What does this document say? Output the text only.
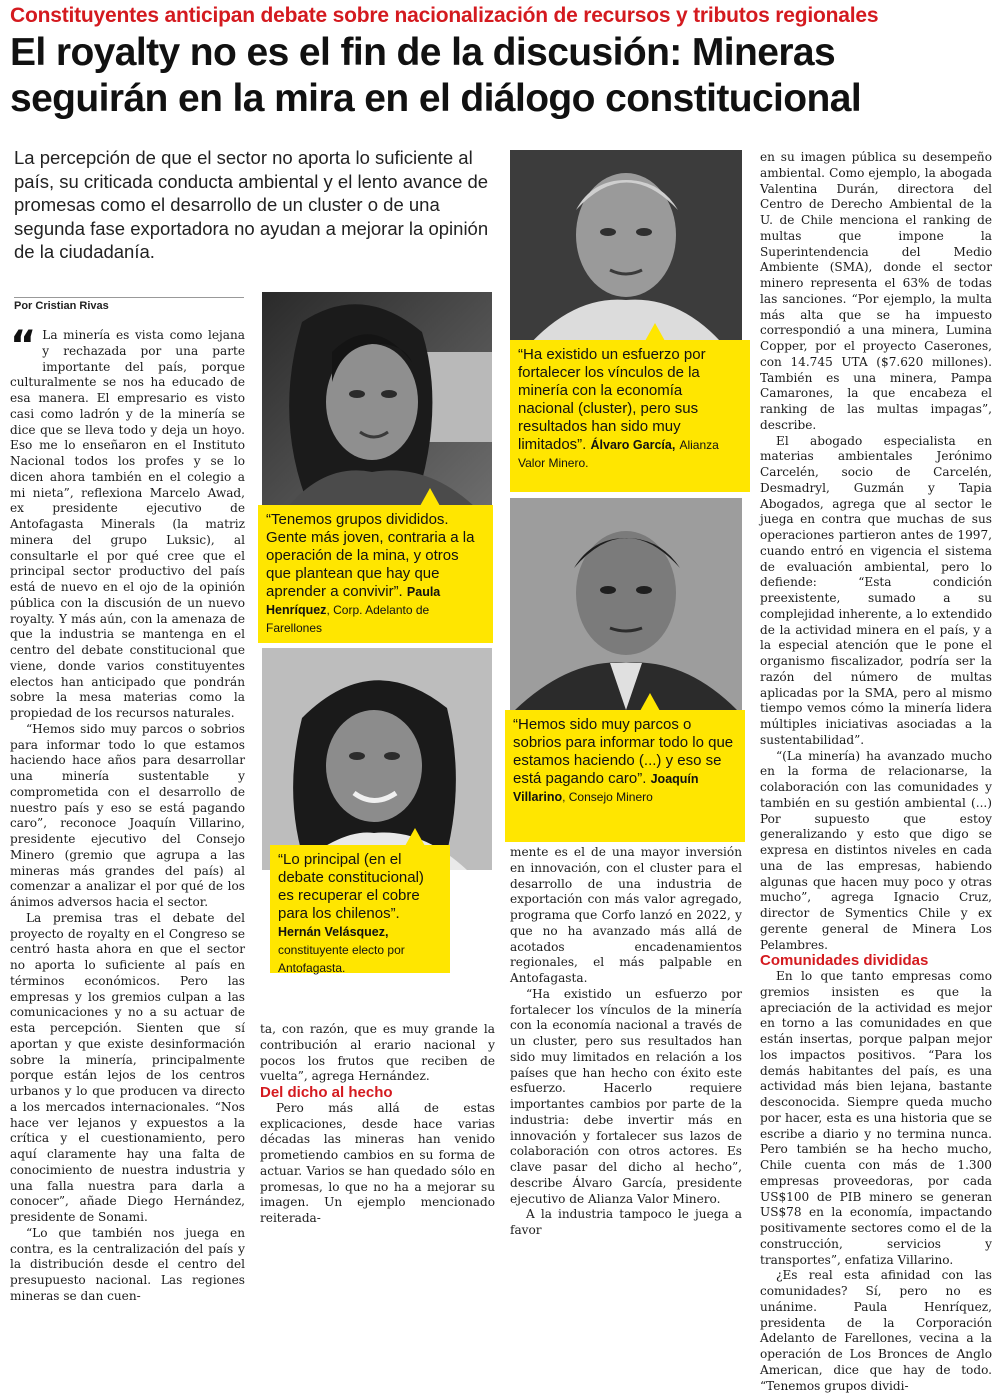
Constituyentes anticipan debate sobre nacionalización de recursos y tributos regionales
El royalty no es el fin de la discusión: Mineras seguirán en la mira en el diálogo constitucional
La percepción de que el sector no aporta lo suficiente al país, su criticada conducta ambiental y el lento avance de promesas como el desarrollo de un cluster o de una segunda fase exportadora no ayudan a mejorar la opinión de la ciudadanía.
Por Cristian Rivas

“ La minería es vista como lejana y rechazada por una parte importante del país, porque culturalmente se nos ha educado de esa manera. El empresario es visto casi como ladrón y de la minería se dice que se lleva todo y deja un hoyo. Eso me lo enseñaron en el Instituto Nacional todos los profes y se lo dicen ahora también en el colegio a mi nieta”, reflexiona Marcelo Awad, ex presidente ejecutivo de Antofagasta Minerals (la matriz minera del grupo Luksic), al consultarle el por qué cree que el principal sector productivo del país está de nuevo en el ojo de la opinión pública con la discusión de un nuevo royalty. Y más aún, con la amenaza de que la industria se mantenga en el centro del debate constitucional que viene, donde varios constituyentes electos han anticipado que pondrán sobre la mesa materias como la propiedad de los recursos naturales.

“Hemos sido muy parcos o sobrios para informar todo lo que estamos haciendo hace años para desarrollar una minería sustentable y comprometida con el desarrollo de nuestro país y eso se está pagando caro”, reconoce Joaquín Villarino, presidente ejecutivo del Consejo Minero (gremio que agrupa a las mineras más grandes del país) al comenzar a analizar el por qué de los ánimos adversos hacia el sector.

La premisa tras el debate del proyecto de royalty en el Congreso se centró hasta ahora en que el sector no aporta lo suficiente al país en términos económicos. Pero las empresas y los gremios culpan a las comunicaciones y no a su actuar de esta percepción. Sienten que sí aportan y que existe desinformación sobre la minería, principalmente porque están lejos de los centros urbanos y lo que producen va directo a los mercados internacionales. “Nos hace ver lejanos y expuestos a la crítica y el cuestionamiento, pero aquí claramente hay una falta de conocimiento de nuestra industria y una falla nuestra para darla a conocer”, añade Diego Hernández, presidente de Sonami.

“Lo que también nos juega en contra, es la centralización del país y la distribución desde el centro del presupuesto nacional. Las regiones mineras se dan cuen-

“Tenemos grupos divididos. Gente más joven, contraria a la operación de la mina, y otros que plantean que hay que aprender a convivir”. Paula Henríquez, Corp. Adelanto de Farellones
“Lo principal (en el debate constitucional) es recuperar el cobre para los chilenos”. Hernán Velásquez, constituyente electo por Antofagasta.

ta, con razón, que es muy grande la contribución al erario nacional y pocos los frutos que reciben de vuelta”, agrega Hernández.

Del dicho al hecho

Pero más allá de estas explicaciones, desde hace varias décadas las mineras han venido prometiendo cambios en su forma de actuar. Varios se han quedado sólo en promesas, lo que no ha a mejorar su imagen. Un ejemplo mencionado reiterada-

“Ha existido un esfuerzo por fortalecer los vínculos de la minería con la economía nacional (cluster), pero sus resultados han sido muy limitados”. Álvaro García, Alianza Valor Minero.
“Hemos sido muy parcos o sobrios para informar todo lo que estamos haciendo (...) y eso se está pagando caro”. Joaquín Villarino, Consejo Minero

mente es el de una mayor inversión en innovación, con el cluster para el desarrollo de una industria de exportación con más valor agregado, programa que Corfo lanzó en 2022, y que no ha avanzado más allá de acotados encadenamientos regionales, el más palpable en Antofagasta.

“Ha existido un esfuerzo por fortalecer los vínculos de la minería con la economía nacional a través de un cluster, pero sus resultados han sido muy limitados en relación a los países que han hecho con éxito este esfuerzo. Hacerlo requiere importantes cambios por parte de la industria: debe invertir más en innovación y fortalecer sus lazos de colaboración con otros actores. Es clave pasar del dicho al hecho”, describe Álvaro García, presidente ejecutivo de Alianza Valor Minero.

A la industria tampoco le juega a favor

en su imagen pública su desempeño ambiental. Como ejemplo, la abogada Valentina Durán, directora del Centro de Derecho Ambiental de la U. de Chile menciona el ranking de multas que impone la Superintendencia del Medio Ambiente (SMA), donde el sector minero representa el 63% de todas las sanciones. “Por ejemplo, la multa más alta que se ha impuesto correspondió a una minera, Lumina Copper, por el proyecto Caserones, con 14.745 UTA ($7.620 millones). También es una minera, Pampa Camarones, la que encabeza el ranking de las multas impagas”, describe.

El abogado especialista en materias ambientales Jerónimo Carcelén, socio de Carcelén, Desmadryl, Guzmán y Tapia Abogados, agrega que al sector le juega en contra que muchas de sus operaciones partieron antes de 1997, cuando entró en vigencia el sistema de evaluación ambiental, pero lo defiende: “Esta condición preexistente, sumado a su complejidad inherente, a lo extendido de la actividad minera en el país, y a la especial atención que le pone el organismo fiscalizador, podría ser la razón del número de multas aplicadas por la SMA, pero al mismo tiempo vemos cómo la minería lidera múltiples iniciativas asociadas a la sustentabilidad”.

“(La minería) ha avanzado mucho en la forma de relacionarse, la colaboración con las comunidades y también en su gestión ambiental (...) Por supuesto que estoy generalizando y esto que digo se expresa en distintos niveles en cada una de las empresas, habiendo algunas que hacen muy poco y otras mucho”, agrega Ignacio Cruz, director de Symentics Chile y ex gerente general de Minera Los Pelambres.

Comunidades divididas

En lo que tanto empresas como gremios insisten es que la apreciación de la actividad es mejor en torno a las comunidades en que están insertas, porque palpan mejor los impactos positivos. “Para los demás habitantes del país, es una actividad más bien lejana, bastante desconocida. Siempre queda mucho por hacer, esta es una historia que se escribe a diario y no termina nunca. Pero también se ha hecho mucho, Chile cuenta con más de 1.300 empresas proveedoras, por cada US$100 de PIB minero se generan US$78 en la economía, impactando positivamente sectores como el de la construcción, servicios y transportes”, enfatiza Villarino.

¿Es real esta afinidad con las comunidades? Sí, pero no es unánime. Paula Henríquez, presidenta de la Corporación Adelanto de Farellones, vecina a la operación de Los Bronces de Anglo American, dice que hay de todo. “Tenemos grupos dividi-
